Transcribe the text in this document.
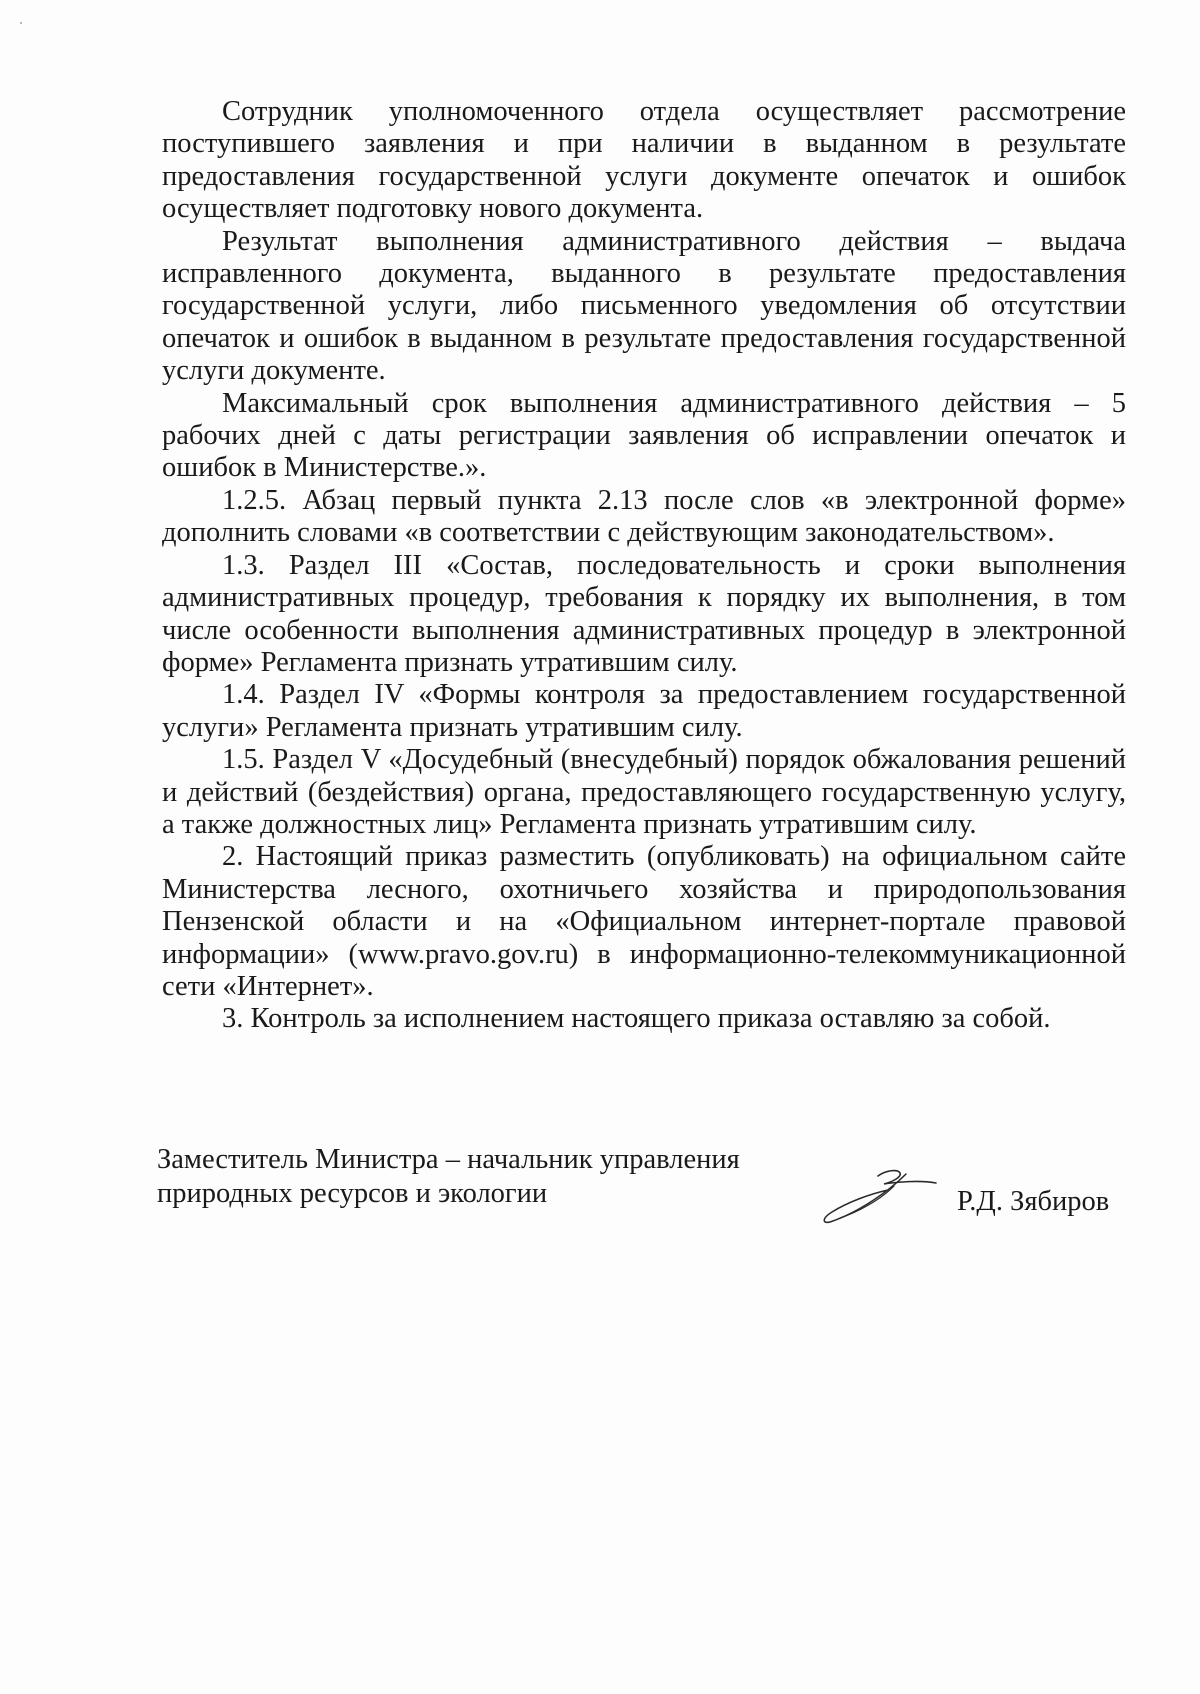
Сотрудник уполномоченного отдела осуществляет рассмотрение поступившего заявления и при наличии в выданном в результате предоставления государственной услуги документе опечаток и ошибок осуществляет подготовку нового документа.

Результат выполнения административного действия – выдача исправленного документа, выданного в результате предоставления государственной услуги, либо письменного уведомления об отсутствии опечаток и ошибок в выданном в результате предоставления государственной услуги документе.

Максимальный срок выполнения административного действия – 5 рабочих дней с даты регистрации заявления об исправлении опечаток и ошибок в Министерстве.».

1.2.5. Абзац первый пункта 2.13 после слов «в электронной форме» дополнить словами «в соответствии с действующим законодательством».

1.3. Раздел III «Состав, последовательность и сроки выполнения административных процедур, требования к порядку их выполнения, в том числе особенности выполнения административных процедур в электронной форме» Регламента признать утратившим силу.

1.4. Раздел IV «Формы контроля за предоставлением государственной услуги» Регламента признать утратившим силу.

1.5. Раздел V «Досудебный (внесудебный) порядок обжалования решений и действий (бездействия) органа, предоставляющего государственную услугу, а также должностных лиц» Регламента признать утратившим силу.

2. Настоящий приказ разместить (опубликовать) на официальном сайте Министерства лесного, охотничьего хозяйства и природопользования Пензенской области и на «Официальном интернет-портале правовой информации» (www.pravo.gov.ru) в информационно-телекоммуникационной сети «Интернет».

3. Контроль за исполнением настоящего приказа оставляю за собой.

Заместитель Министра – начальник управления
природных ресурсов и экологии	Р.Д. Зябиров
